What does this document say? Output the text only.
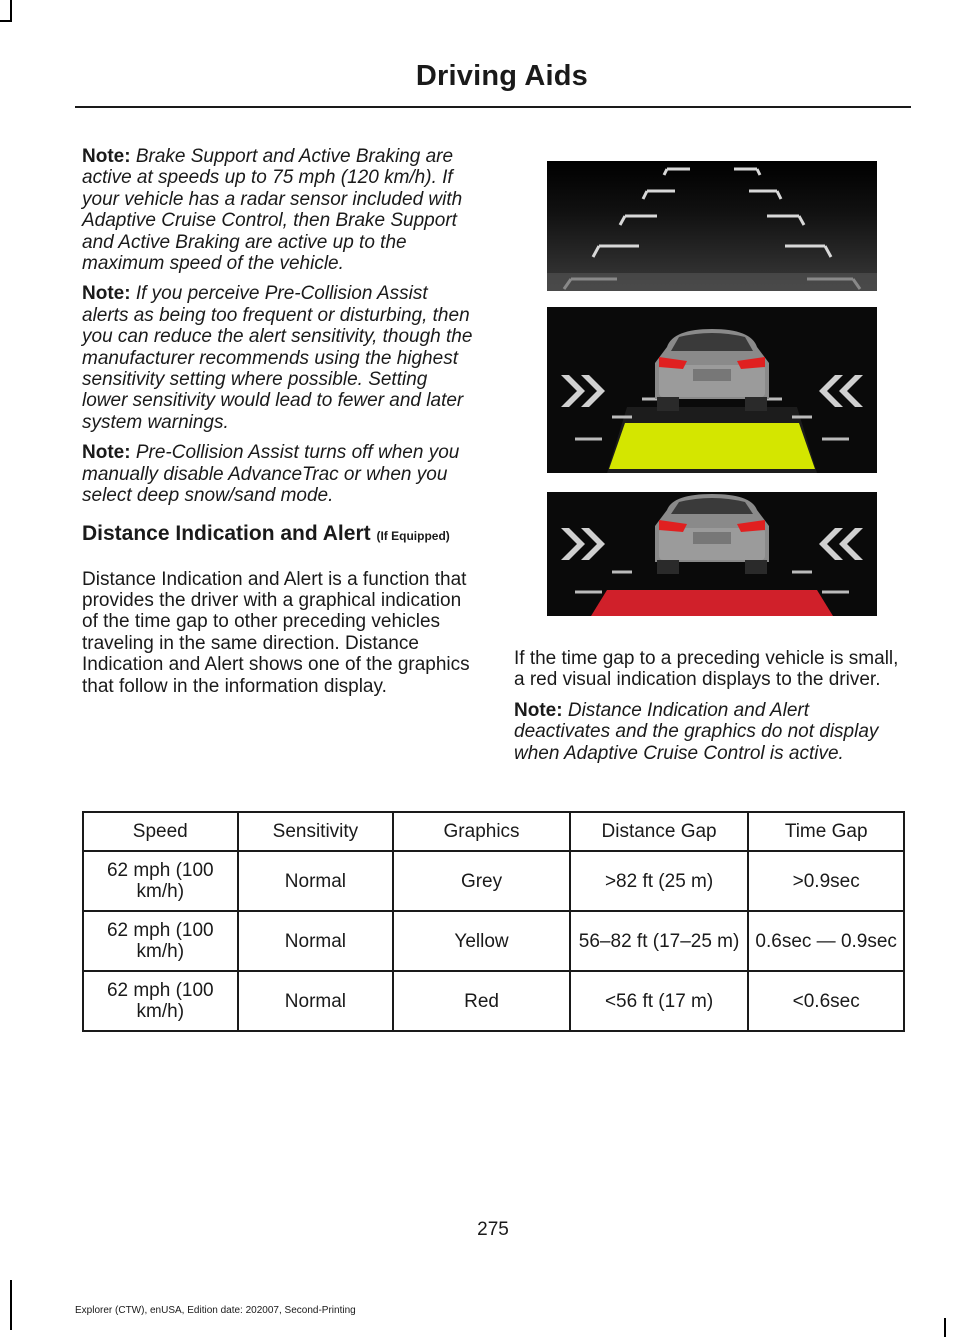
Driving Aids

Note: Brake Support and Active Braking are active at speeds up to 75 mph (120 km/h). If your vehicle has a radar sensor included with Adaptive Cruise Control, then Brake Support and Active Braking are active up to the maximum speed of the vehicle.

Note: If you perceive Pre-Collision Assist alerts as being too frequent or disturbing, then you can reduce the alert sensitivity, though the manufacturer recommends using the highest sensitivity setting where possible. Setting lower sensitivity would lead to fewer and later system warnings.

Note: Pre-Collision Assist turns off when you manually disable AdvanceTrac or when you select deep snow/sand mode.

Distance Indication and Alert (If Equipped)

Distance Indication and Alert is a function that provides the driver with a graphical indication of the time gap to other preceding vehicles traveling in the same direction. Distance Indication and Alert shows one of the graphics that follow in the information display.

If the time gap to a preceding vehicle is small, a red visual indication displays to the driver.

Note: Distance Indication and Alert deactivates and the graphics do not display when Adaptive Cruise Control is active.

Speed	Sensitivity	Graphics	Distance Gap	Time Gap
62 mph (100 km/h)	Normal	Grey	>82 ft (25 m)	>0.9sec
62 mph (100 km/h)	Normal	Yellow	56–82 ft (17–25 m)	0.6sec — 0.9sec
62 mph (100 km/h)	Normal	Red	<56 ft (17 m)	<0.6sec
275
Explorer (CTW), enUSA, Edition date: 202007, Second-Printing
